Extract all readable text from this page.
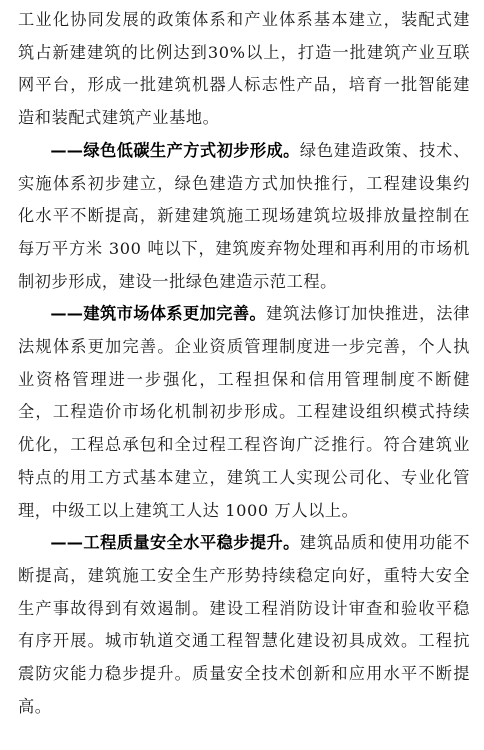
工业化协同发展的政策体系和产业体系基本建立，装配式建筑占新建建筑的比例达到30%以上，打造一批建筑产业互联网平台，形成一批建筑机器人标志性产品，培育一批智能建造和装配式建筑产业基地。

——绿色低碳生产方式初步形成。绿色建造政策、技术、实施体系初步建立，绿色建造方式加快推行，工程建设集约化水平不断提高，新建建筑施工现场建筑垃圾排放量控制在每万平方米 300 吨以下，建筑废弃物处理和再利用的市场机制初步形成，建设一批绿色建造示范工程。

——建筑市场体系更加完善。建筑法修订加快推进，法律法规体系更加完善。企业资质管理制度进一步完善，个人执业资格管理进一步强化，工程担保和信用管理制度不断健全，工程造价市场化机制初步形成。工程建设组织模式持续优化，工程总承包和全过程工程咨询广泛推行。符合建筑业特点的用工方式基本建立，建筑工人实现公司化、专业化管理，中级工以上建筑工人达 1000 万人以上。

——工程质量安全水平稳步提升。建筑品质和使用功能不断提高，建筑施工安全生产形势持续稳定向好，重特大安全生产事故得到有效遏制。建设工程消防设计审查和验收平稳有序开展。城市轨道交通工程智慧化建设初具成效。工程抗震防灾能力稳步提升。质量安全技术创新和应用水平不断提高。
